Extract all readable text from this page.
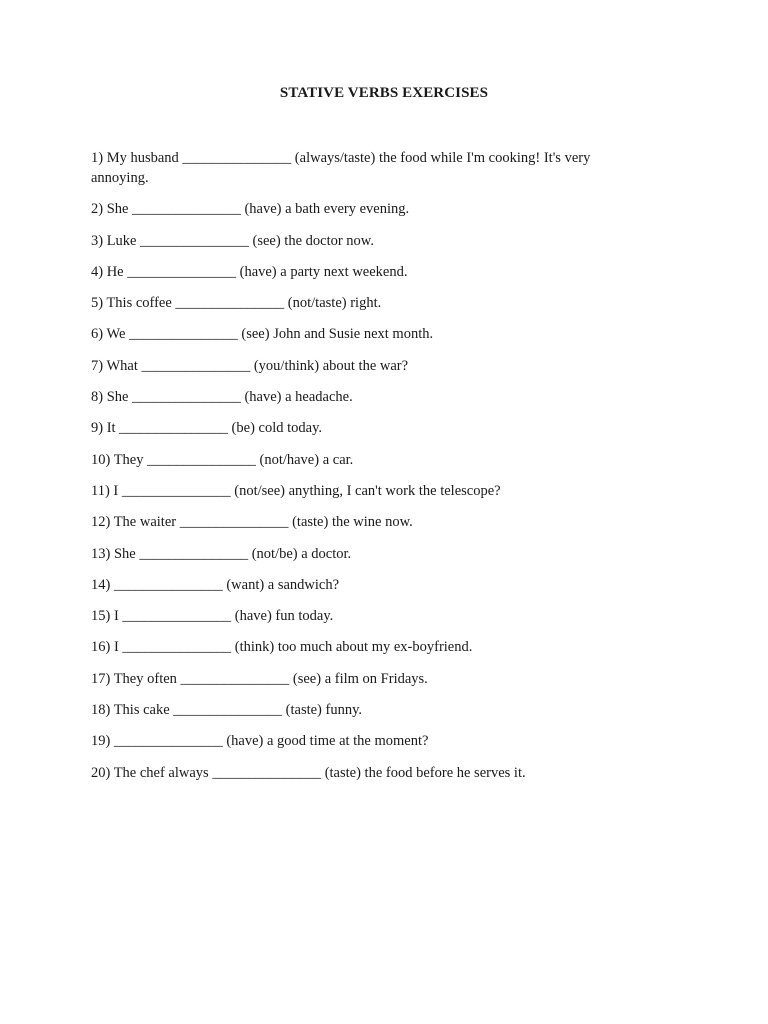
STATIVE VERBS EXERCISES
1) My husband _______________ (always/taste) the food while I'm cooking! It's very annoying.
2) She _______________ (have) a bath every evening.
3) Luke _______________ (see) the doctor now.
4) He _______________ (have) a party next weekend.
5) This coffee _______________ (not/taste) right.
6) We _______________ (see) John and Susie next month.
7) What _______________ (you/think) about the war?
8) She _______________ (have) a headache.
9) It _______________ (be) cold today.
10) They _______________ (not/have) a car.
11) I _______________ (not/see) anything, I can't work the telescope?
12) The waiter _______________ (taste) the wine now.
13) She _______________ (not/be) a doctor.
14) _______________ (want) a sandwich?
15) I _______________ (have) fun today.
16) I _______________ (think) too much about my ex-boyfriend.
17) They often _______________ (see) a film on Fridays.
18) This cake _______________ (taste) funny.
19) _______________ (have) a good time at the moment?
20) The chef always _______________ (taste) the food before he serves it.
